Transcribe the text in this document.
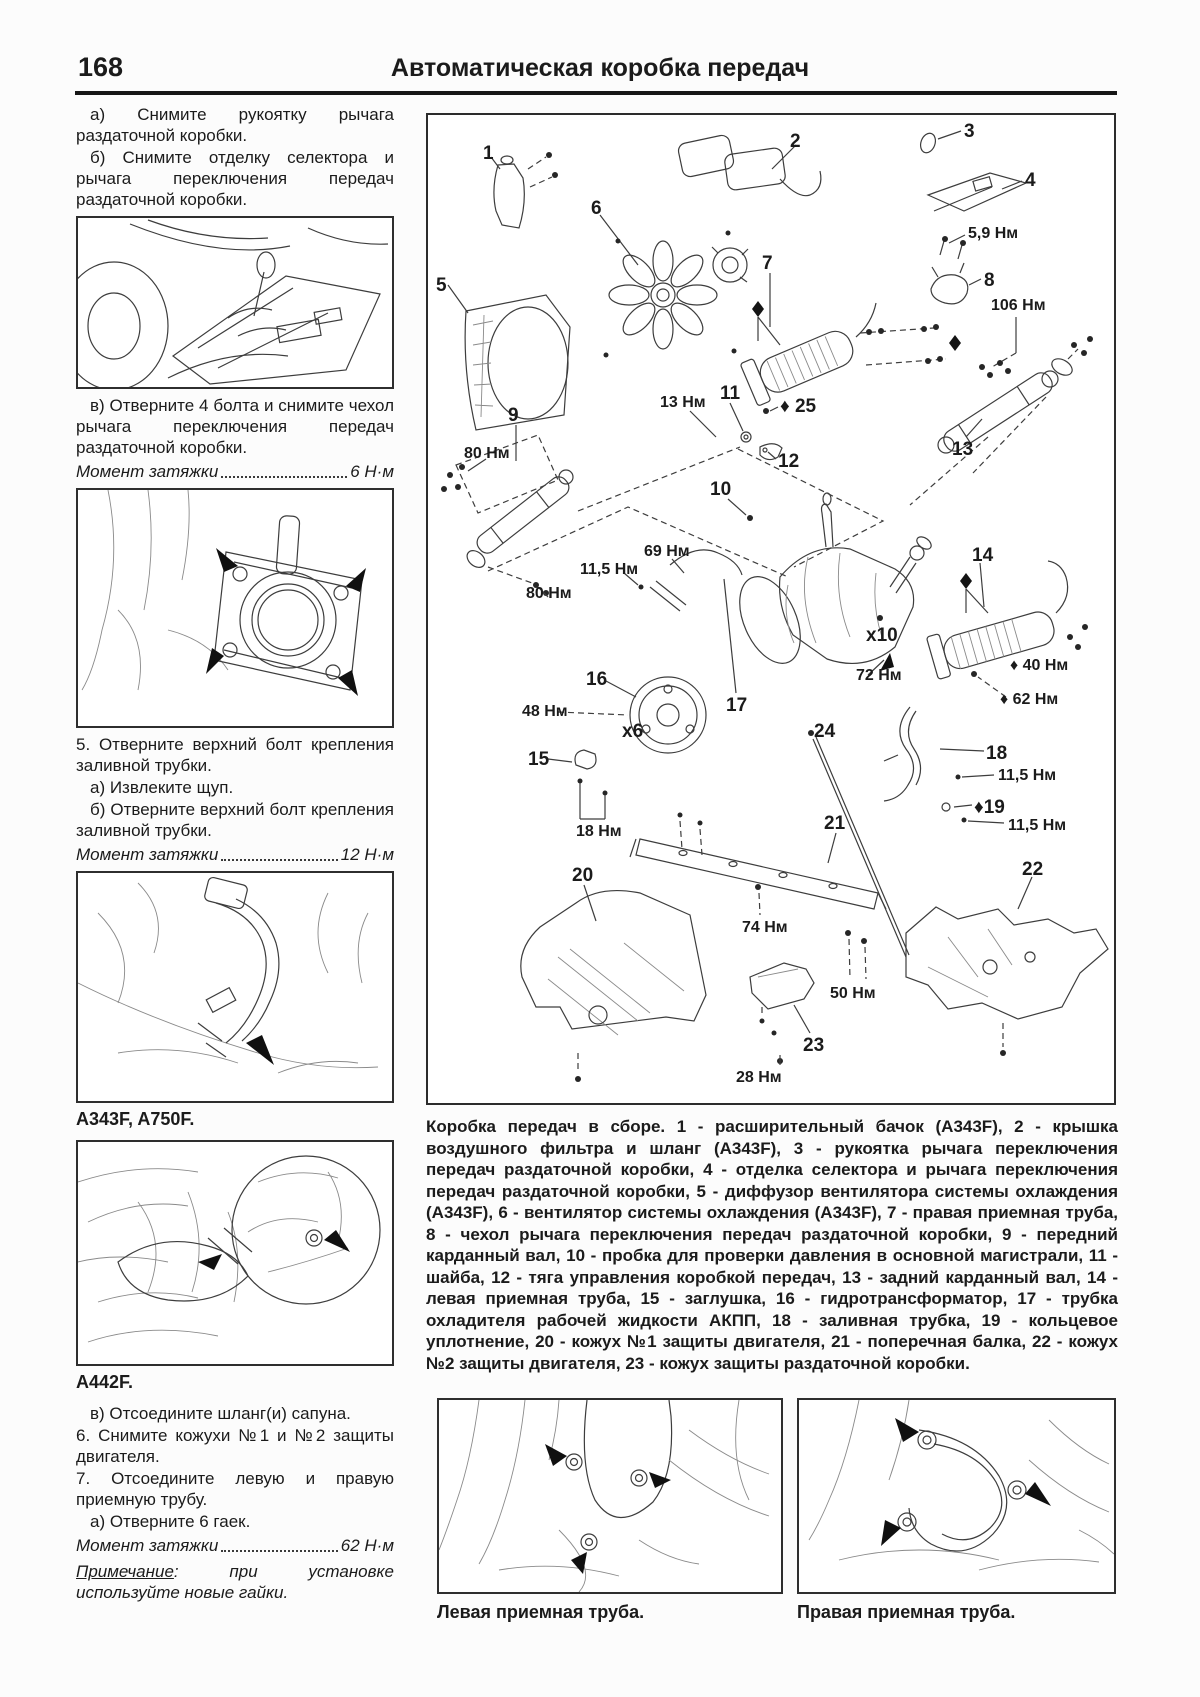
168	Автоматическая коробка передач

а) Снимите рукоятку рычага раздаточной коробки.

б) Снимите отделку селектора и рычага переключения передач раздаточной коробки.

в) Отверните 4 болта и снимите чехол рычага переключения передач раздаточной коробки.

Момент затяжки	6 Н·м

5. Отверните верхний болт крепления заливной трубки.

а) Извлеките щуп.

б) Отверните верхний болт крепления заливной трубки.

Момент затяжки	12 Н·м

A343F, A750F.

A442F.

в) Отсоедините шланг(и) сапуна.

6. Снимите кожухи №1 и №2 защиты двигателя.

7. Отсоедините левую и правую приемную трубу.

а) Отверните 6 гаек.

Момент затяжки	62 Н·м

Примечание: при установке используйте новые гайки.

1
2	3
4
5,9 Нм
8
106 Нм
6
5
7
13 Нм 11
♦ 25
12
9
80 Нм
10
13
69 Нм
11,5 Нм
80 Нм
14
x10
72 Нм
♦ 40 Нм
♦ 62 Нм
16
48 Нм
x6
15
17
24
18
11,5 Нм
♦19
11,5 Нм
18 Нм
20
21
74 Нм
50 Нм
22
23
28 Нм
Коробка передач в сборе. 1 - расширительный бачок (А343F), 2 - крышка воздушного фильтра и шланг (А343F), 3 - рукоятка рычага переключения передач раздаточной коробки, 4 - отделка селектора и рычага переключения передач раздаточной коробки, 5 - диффузор вентилятора системы охлаждения (А343F), 6 - вентилятор системы охлаждения (А343F), 7 - правая приемная труба, 8 - чехол рычага переключения передач раздаточной коробки, 9 - передний карданный вал, 10 - пробка для проверки давления в основной магистрали, 11 - шайба, 12 - тяга управления коробкой передач, 13 - задний карданный вал, 14 - левая приемная труба, 15 - заглушка, 16 - гидротрансформатор, 17 - трубка охладителя рабочей жидкости АКПП, 18 - заливная трубка, 19 - кольцевое уплотнение, 20 - кожух №1 защиты двигателя, 21 - поперечная балка, 22 - кожух №2 защиты двигателя, 23 - кожух защиты раздаточной коробки.
Левая приемная труба.	Правая приемная труба.
